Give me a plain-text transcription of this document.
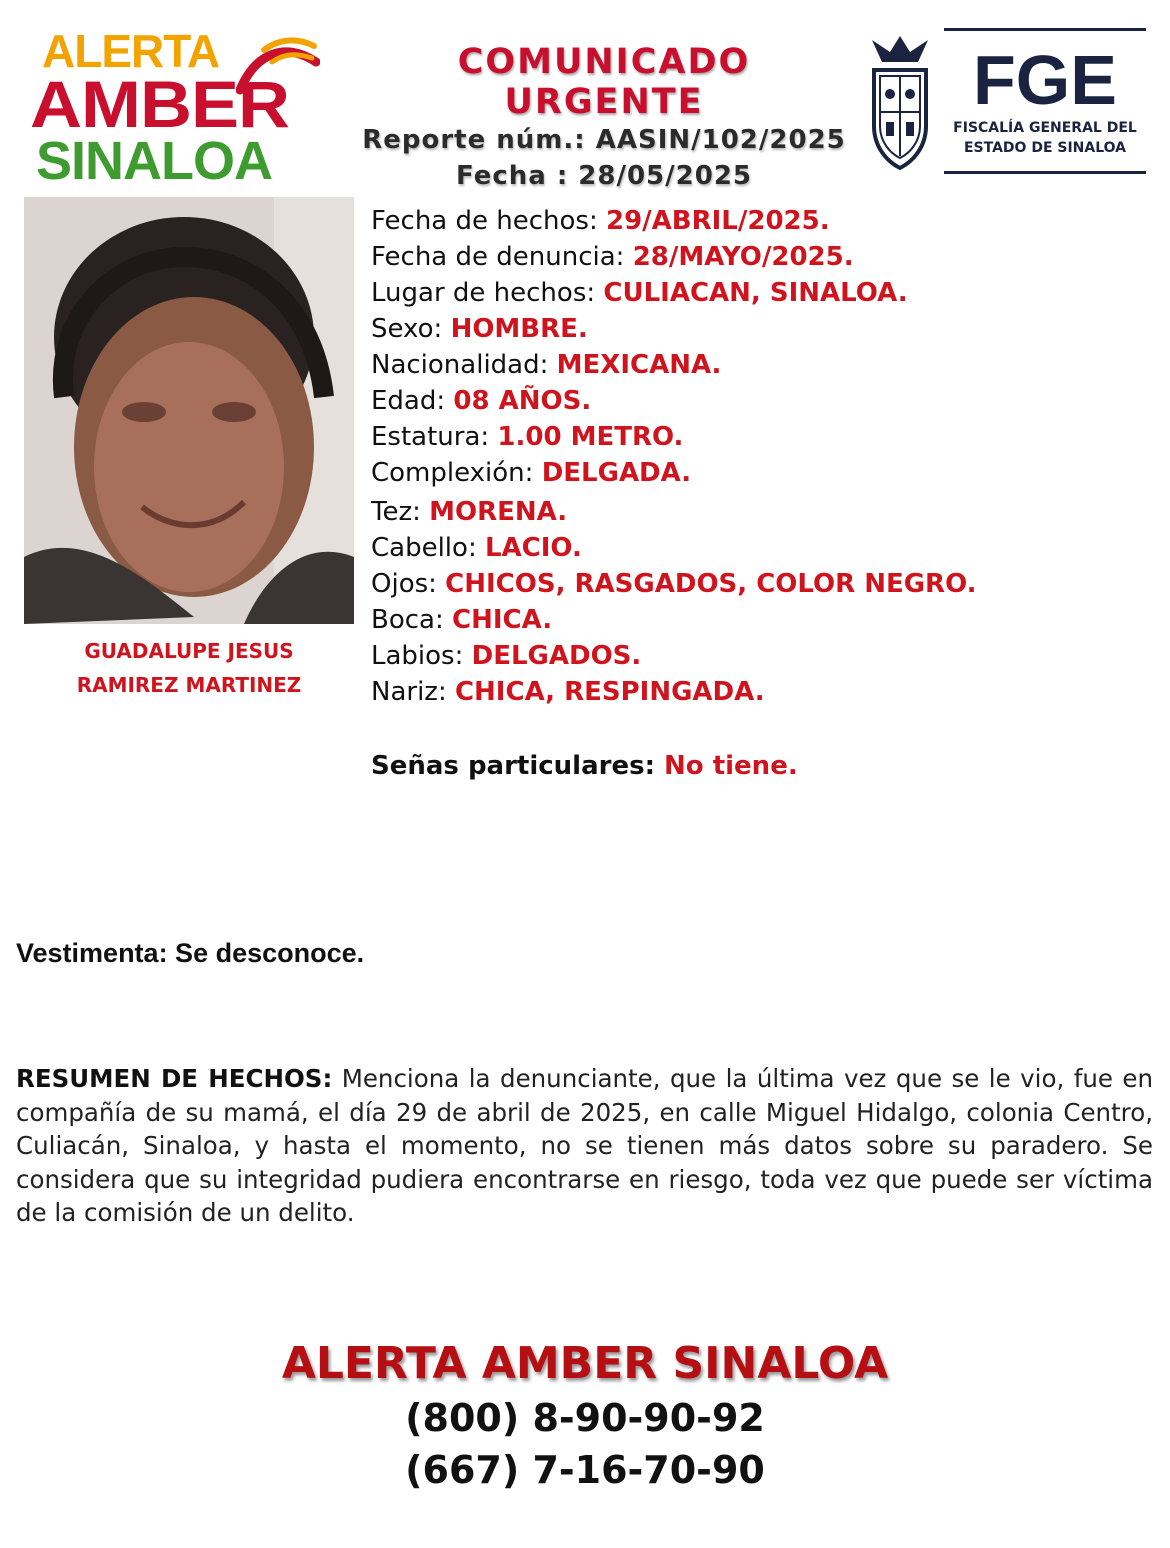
ALERTA
AMBER
SINALOA
COMUNICADO URGENTE
Reporte núm.: AASIN/102/2025
Fecha : 28/05/2025
FGE
FISCALÍA GENERAL DEL
ESTADO DE SINALOA
GUADALUPE JESUS
RAMIREZ MARTINEZ
Fecha de hechos: 29/ABRIL/2025.
Fecha de denuncia: 28/MAYO/2025.
Lugar de hechos: CULIACAN, SINALOA.
Sexo: HOMBRE.
Nacionalidad: MEXICANA.
Edad: 08 AÑOS.
Estatura: 1.00 METRO.
Complexión: DELGADA.
Tez: MORENA.
Cabello: LACIO.
Ojos: CHICOS, RASGADOS, COLOR NEGRO.
Boca: CHICA.
Labios: DELGADOS.
Nariz: CHICA, RESPINGADA.
Señas particulares: No tiene.
Vestimenta: Se desconoce.
RESUMEN DE HECHOS: Menciona la denunciante, que la última vez que se le vio, fue en compañía de su mamá, el día 29 de abril de 2025, en calle Miguel Hidalgo, colonia Centro, Culiacán, Sinaloa, y hasta el momento, no se tienen más datos sobre su paradero. Se considera que su integridad pudiera encontrarse en riesgo, toda vez que puede ser víctima de la comisión de un delito.
ALERTA AMBER SINALOA
(800) 8-90-90-92
(667) 7-16-70-90
